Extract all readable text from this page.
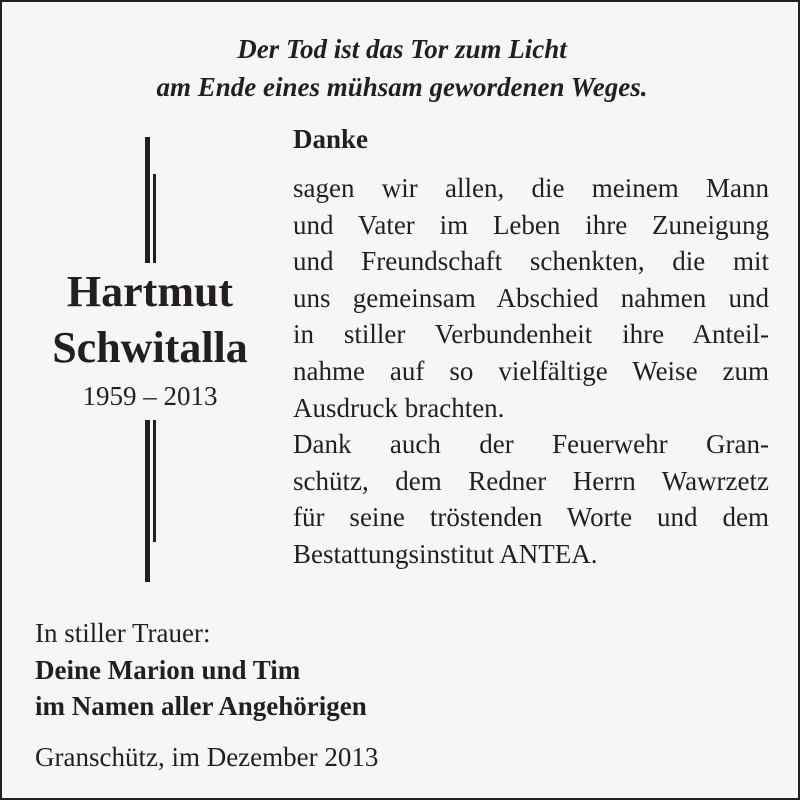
Der Tod ist das Tor zum Licht
am Ende eines mühsam gewordenen Weges.
Hartmut
Schwitalla
1959 – 2013
Danke
sagen wir allen, die meinem Mann
und Vater im Leben ihre Zuneigung
und Freundschaft schenkten, die mit
uns gemeinsam Abschied nahmen und
in stiller Verbundenheit ihre Anteil-
nahme auf so vielfältige Weise zum
Ausdruck brachten.
Dank auch der Feuerwehr Gran-
schütz, dem Redner Herrn Wawrzetz
für seine tröstenden Worte und dem
Bestattungsinstitut ANTEA.
In stiller Trauer:
Deine Marion und Tim
im Namen aller Angehörigen
Granschütz, im Dezember 2013
